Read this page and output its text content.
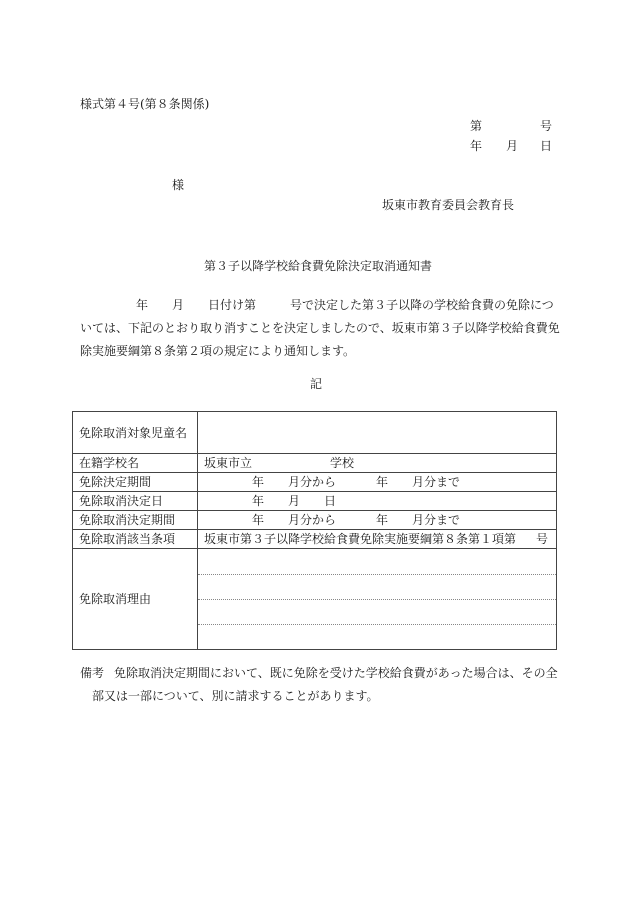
様式第４号(第８条関係)
第	号
年 月 日
様
坂東市教育委員会教育長
第３子以降学校給食費免除決定取消通知書
年 月 日付け第	号で決定した第３子以降の学校給食費の免除につ
いては、下記のとおり取り消すことを決定しましたので、坂東市第３子以降学校給食費免
除実施要綱第８条第２項の規定により通知します。
記
免除取消対象児童名	
在籍学校名	坂東市立 学校
免除決定期間	年 月分から 年 月分まで
免除取消決定日	年 月 日
免除取消決定期間	年 月分から 年 月分まで
免除取消該当条項	坂東市第３子以降学校給食費免除実施要綱第８条第１項第 号
免除取消理由	
備考 免除取消決定期間において、既に免除を受けた学校給食費があった場合は、その全
部又は一部について、別に請求することがあります。
